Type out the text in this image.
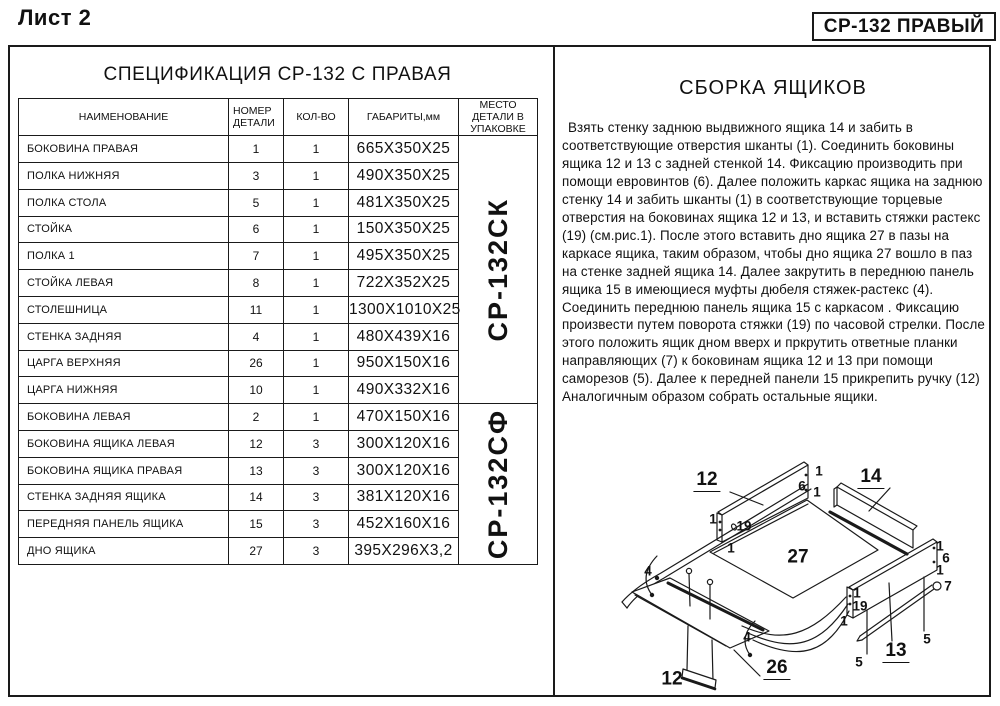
Лист 2	СР-132 ПРАВЫЙ
СПЕЦИФИКАЦИЯ СР-132 С ПРАВАЯ
НАИМЕНОВАНИЕ	НОМЕР ДЕТАЛИ	КОЛ-ВО	ГАБАРИТЫ,мм	МЕСТО ДЕТАЛИ В УПАКОВКЕ
БОКОВИНА ПРАВАЯ	1	1	665X350X25	СР-132СК

ПОЛКА НИЖНЯЯ	3	1	490X350X25	
ПОЛКА СТОЛА	5	1	481X350X25	
СТОЙКА	6	1	150X350X25	
ПОЛКА 1	7	1	495X350X25	
СТОЙКА ЛЕВАЯ	8	1	722X352X25	
СТОЛЕШНИЦА	11	1	1300X1010X25	
СТЕНКА ЗАДНЯЯ	4	1	480X439X16	
ЦАРГА ВЕРХНЯЯ	26	1	950X150X16	
ЦАРГА НИЖНЯЯ	10	1	490X332X16	
БОКОВИНА ЛЕВАЯ	2	1	470X150X16	СР-132СФ

БОКОВИНА ЯЩИКА ЛЕВАЯ	12	3	300X120X16	
БОКОВИНА ЯЩИКА ПРАВАЯ	13	3	300X120X16	
СТЕНКА ЗАДНЯЯ ЯЩИКА	14	3	381X120X16	
ПЕРЕДНЯЯ ПАНЕЛЬ ЯЩИКА	15	3	452X160X16	
ДНО ЯЩИКА	27	3	395X296X3,2	
СБОРКА ЯЩИКОВ
Взять стенку заднюю выдвижного ящика 14 и забить в соответствующие отверстия шканты (1). Соединить боковины ящика 12 и 13 с задней стенкой 14. Фиксацию производить при помощи евровинтов (6). Далее положить каркас ящика на заднюю стенку 14 и забить шканты (1) в соответствующие торцевые отверстия на боковинах ящика 12 и 13, и вставить стяжки растекс (19) (см.рис.1). После этого вставить дно ящика 27 в пазы на каркасе ящика, таким образом, чтобы дно ящика 27 вошло в паз на стенке задней ящика 14. Далее закрутить в переднюю панель ящика 15 в имеющиеся муфты дюбеля стяжек-растекс (4). Соединить переднюю панель ящика 15 с каркасом . Фиксацию произвести путем поворота стяжки (19) по часовой стрелки. После этого положить ящик дном вверх и пркрутить ответные планки направляющих (7) к боковинам ящика 12 и 13 при помощи саморезов (5). Далее к передней панели 15 прикрепить ручку (12) Аналогичным образом собрать остальные ящики.
12	14
1
6 1
1 19
1	27
4
1
6
1
7
1
19
1
4	5
13
5
26
12
